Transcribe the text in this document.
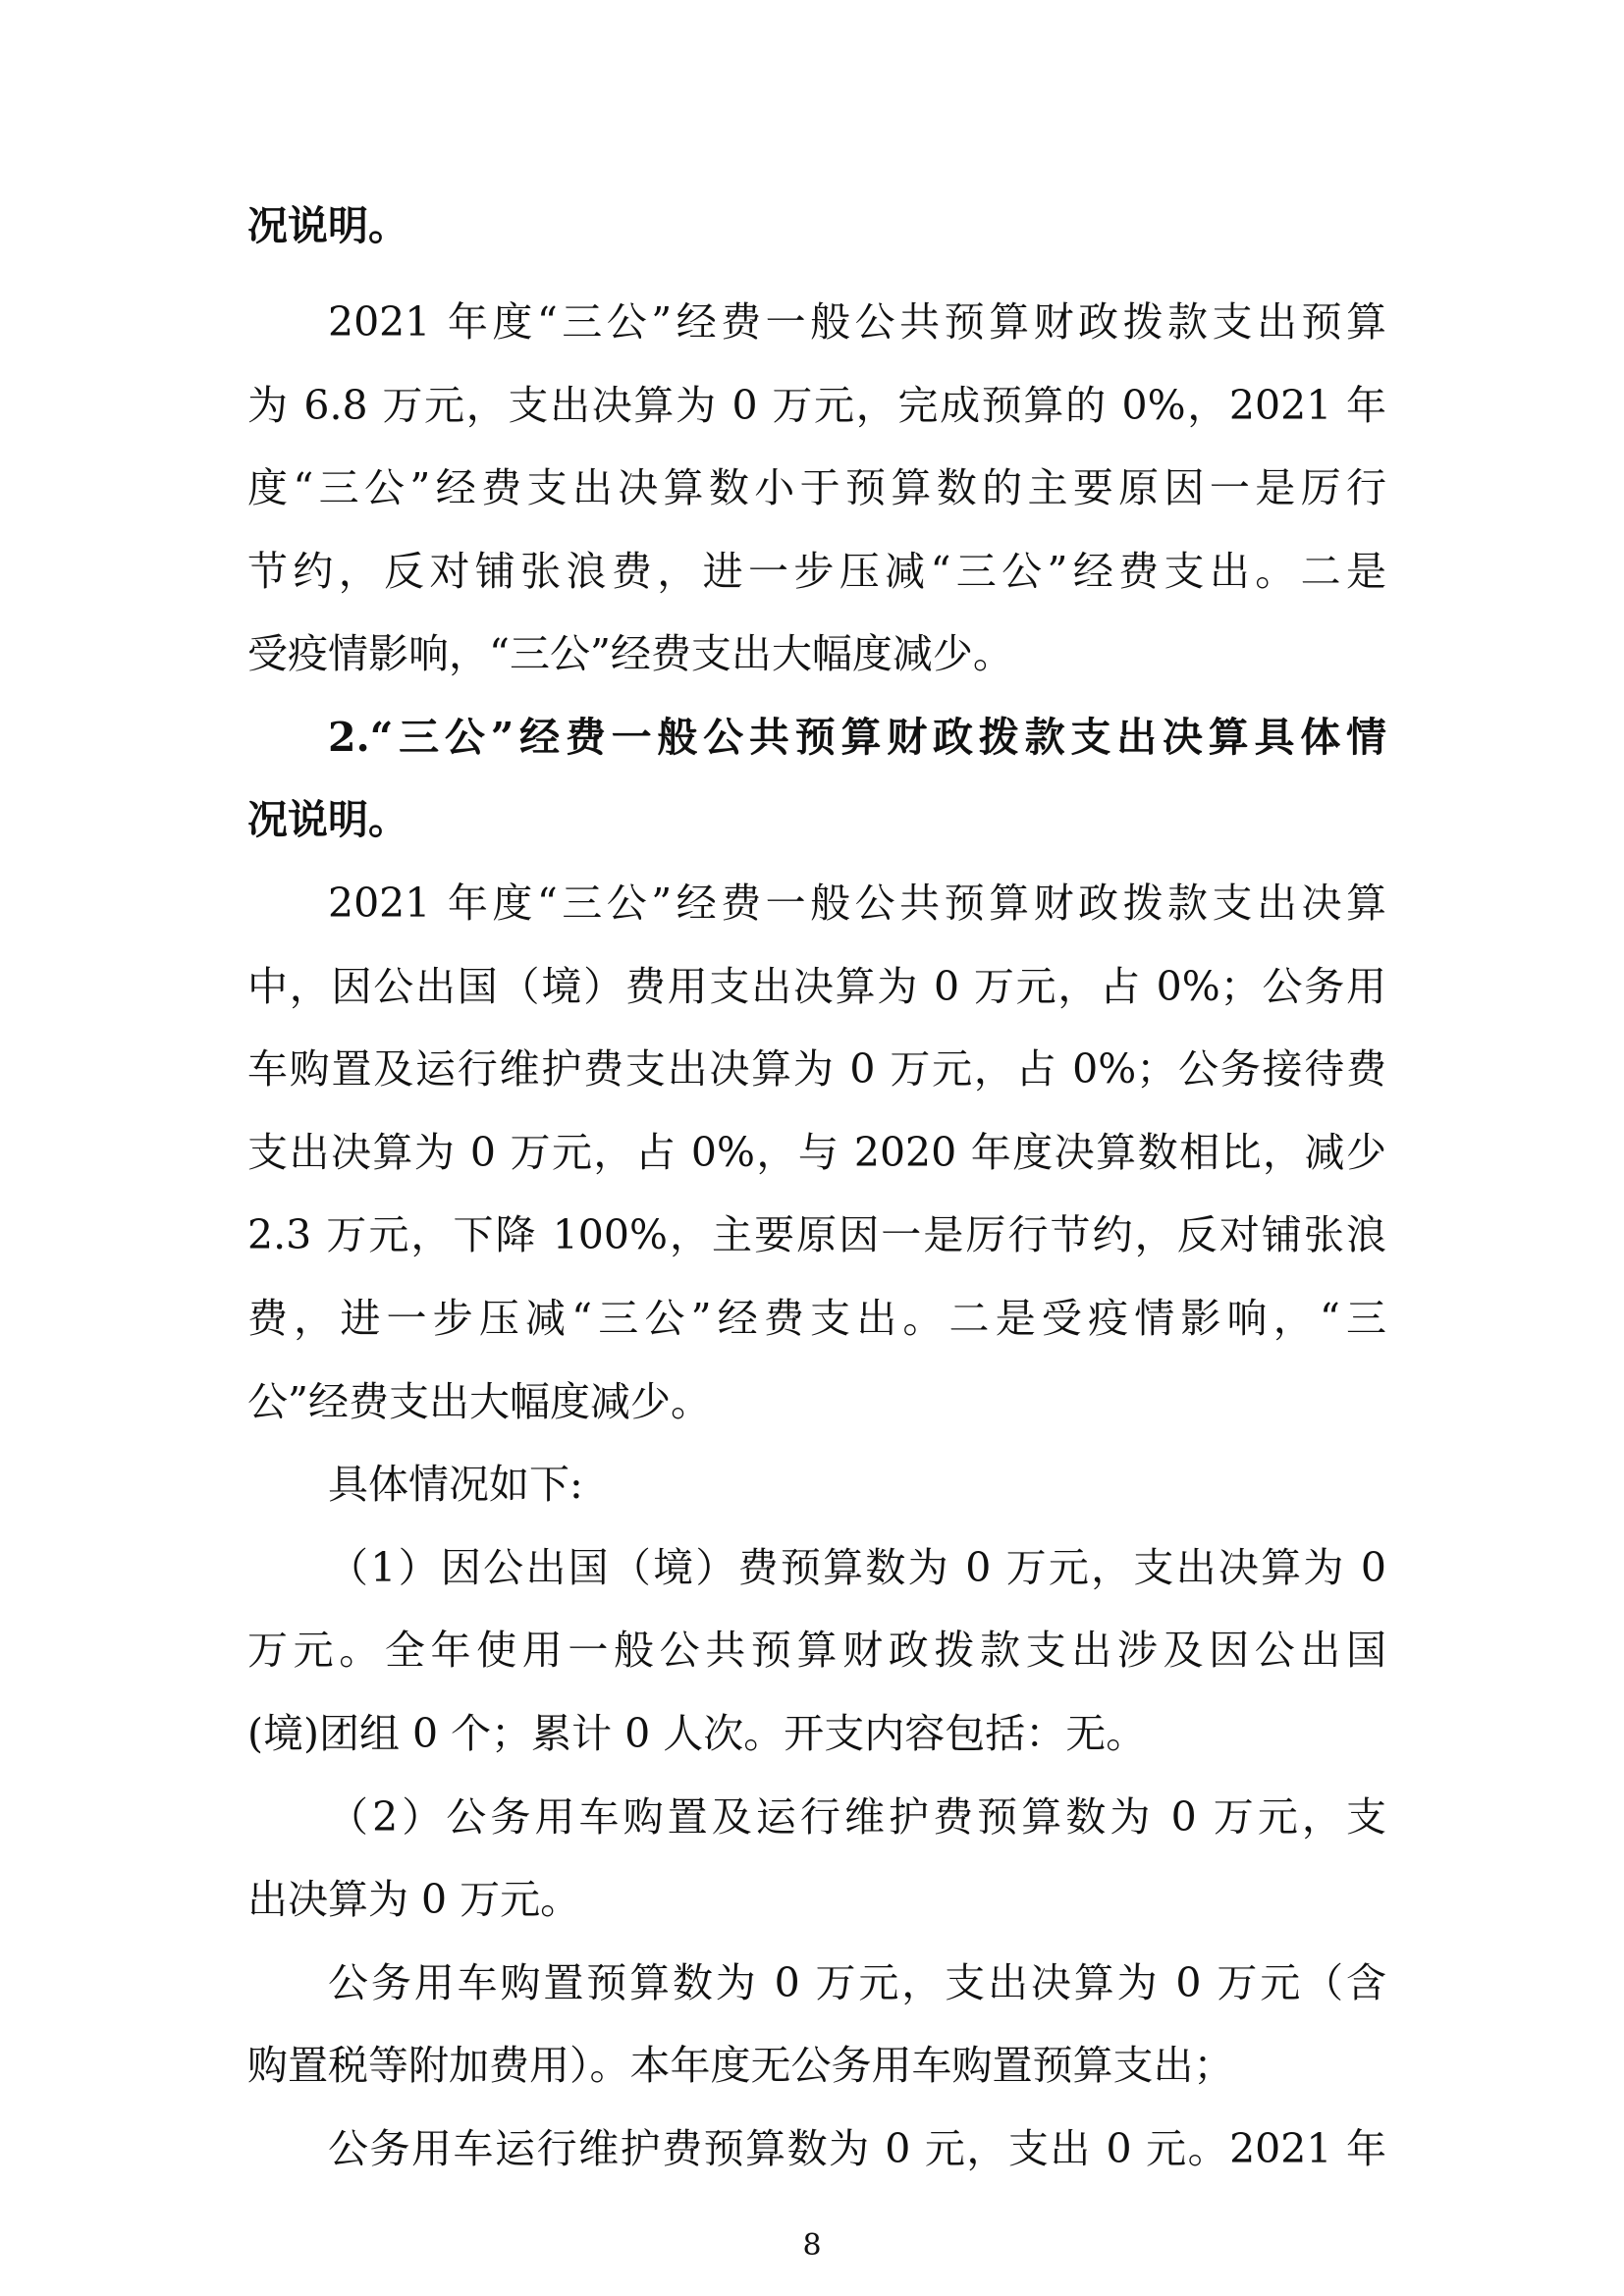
况说明。
2021 年度“三公”经费一般公共预算财政拨款支出预算
为 6.8 万元，支出决算为 0 万元，完成预算的 0%，2021 年
度“三公”经费支出决算数小于预算数的主要原因一是厉行
节约，反对铺张浪费，进一步压减“三公”经费支出。二是
受疫情影响，“三公”经费支出大幅度减少。
2.“三公”经费一般公共预算财政拨款支出决算具体情
况说明。
2021 年度“三公”经费一般公共预算财政拨款支出决算
中，因公出国（境）费用支出决算为 0 万元，占 0%；公务用
车购置及运行维护费支出决算为 0 万元，占 0%；公务接待费
支出决算为 0 万元，占 0%，与 2020 年度决算数相比，减少
2.3 万元，下降 100%，主要原因一是厉行节约，反对铺张浪
费，进一步压减“三公”经费支出。二是受疫情影响，“三
公”经费支出大幅度减少。
具体情况如下:
（1）因公出国（境）费预算数为 0 万元，支出决算为 0
万元。全年使用一般公共预算财政拨款支出涉及因公出国
(境)团组 0 个；累计 0 人次。开支内容包括：无。
（2）公务用车购置及运行维护费预算数为 0 万元，支
出决算为 0 万元。
公务用车购置预算数为 0 万元，支出决算为 0 万元（含
购置税等附加费用）。本年度无公务用车购置预算支出；
公务用车运行维护费预算数为 0 元，支出 0 元。2021 年
8
